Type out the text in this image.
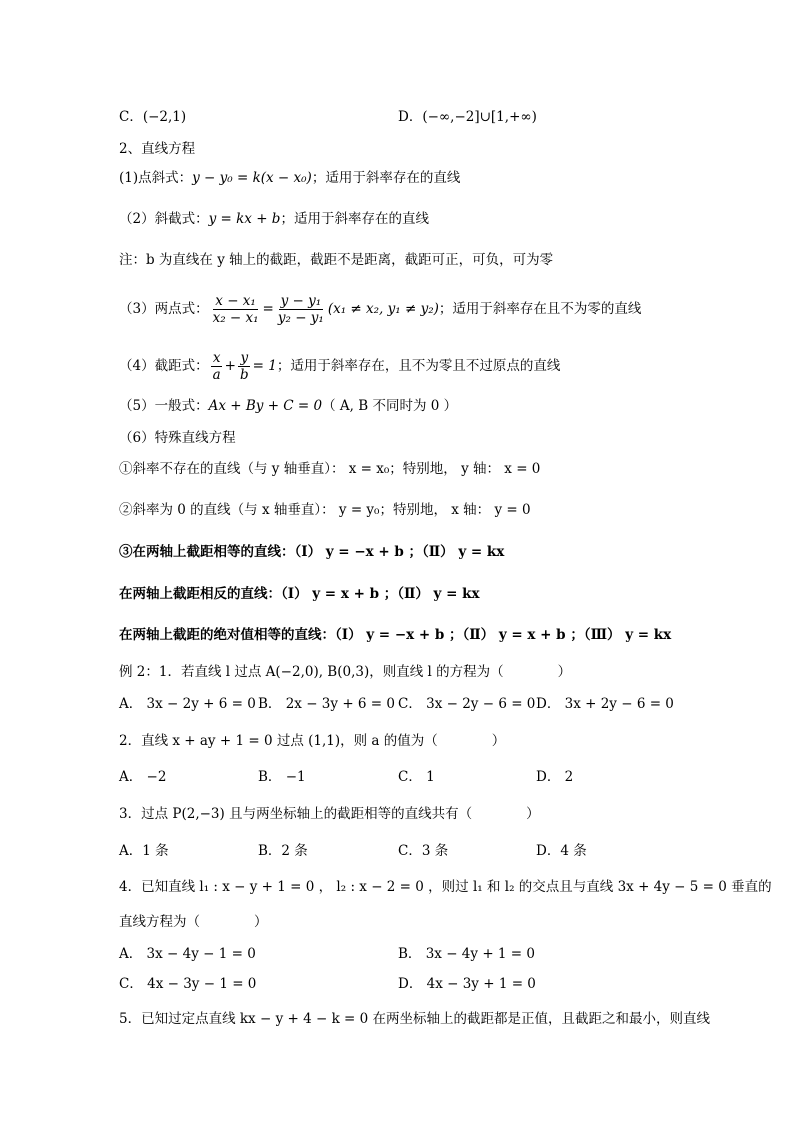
C．(−2,1)	D．(−∞,−2]∪[1,+∞)
2、直线方程
(1)点斜式：y − y₀ = k(x − x₀)；适用于斜率存在的直线
（2）斜截式：y = kx + b；适用于斜率存在的直线
注：b 为直线在 y 轴上的截距，截距不是距离，截距可正，可负，可为零
（3）两点式： $\frac{\text{x − x₁}}{\text{x₂ − x₁}} = \frac{\text{y − y₁}}{\text{y₂ − y₁}} (x_1 \ne x_2$, y₁ ≠ y₂)；适用于斜率存在且不为零的直线
（4）截距式： $\frac{x}{a} + \frac{y}{b} = 1$；适用于斜率存在，且不为零且不过原点的直线
（5）一般式：Ax + By + C = 0（ A, B 不同时为 0 ）
（6）特殊直线方程
①斜率不存在的直线（与 y 轴垂直）： x = x₀；特别地， y 轴： x = 0
②斜率为 0 的直线（与 x 轴垂直）： y = y₀；特别地， x 轴： y = 0
③在两轴上截距相等的直线：（Ⅰ） y = −x + b ；（Ⅱ） y = kx
在两轴上截距相反的直线：（Ⅰ） y = x + b ；（Ⅱ） y = kx
在两轴上截距的绝对值相等的直线：（Ⅰ） y = −x + b ；（Ⅱ） y = x + b ；（Ⅲ） y = kx
例 2：1．若直线 l 过点 A(−2,0), B(0,3)，则直线 l 的方程为（　　　　）
A． 3x − 2y + 6 = 0 B． 2x − 3y + 6 = 0 C． 3x − 2y − 6 = 0 D． 3x + 2y − 6 = 0
2．直线 x + ay + 1 = 0 过点 (1,1)，则 a 的值为（　　　　）
A． −2	B． −1	C． 1	D． 2
3．过点 P(2,−3) 且与两坐标轴上的截距相等的直线共有（　　　　）
A．1 条	B．2 条	C．3 条	D．4 条
4．已知直线 l₁ : x − y + 1 = 0 ， l₂ : x − 2 = 0 ，则过 l₁ 和 l₂ 的交点且与直线 3x + 4y − 5 = 0 垂直的
直线方程为（　　　　）
A． 3x − 4y − 1 = 0	B． 3x − 4y + 1 = 0
C． 4x − 3y − 1 = 0	D． 4x − 3y + 1 = 0
5．已知过定点直线 kx − y + 4 − k = 0 在两坐标轴上的截距都是正值，且截距之和最小，则直线
